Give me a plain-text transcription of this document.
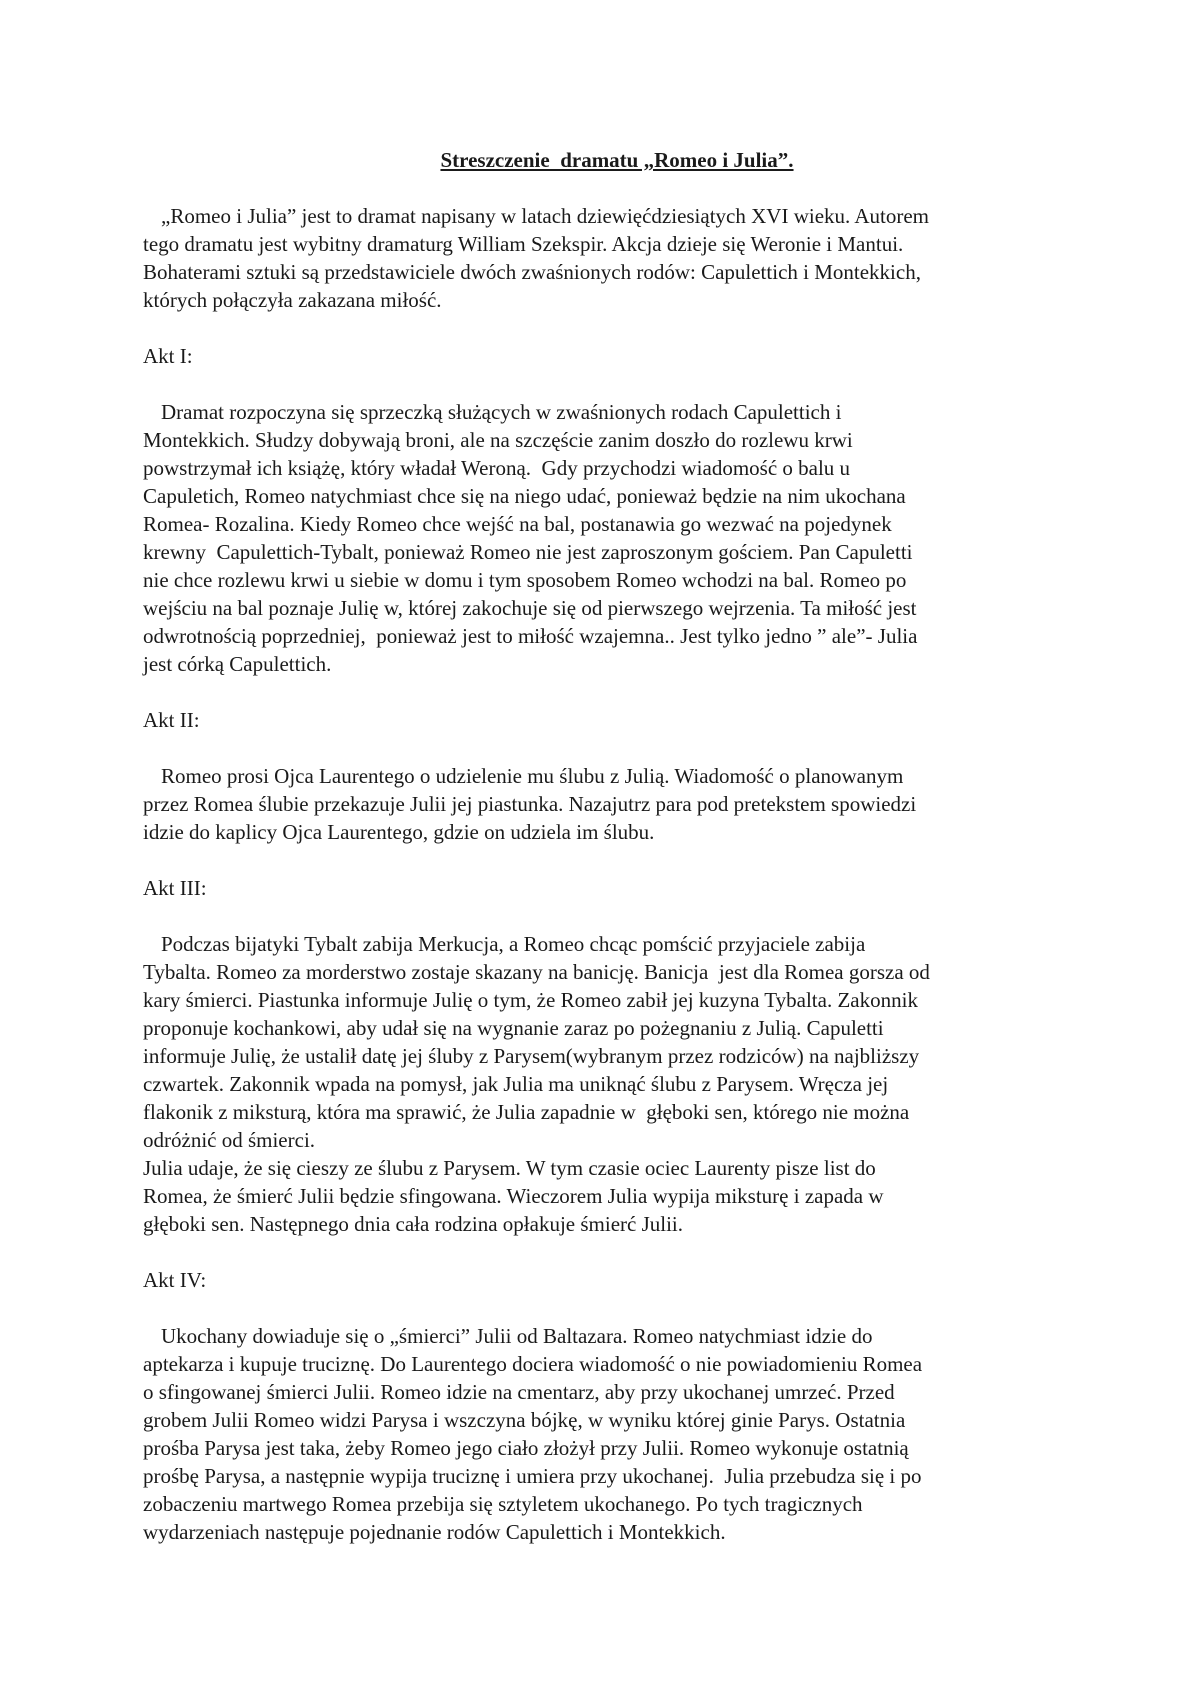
Streszczenie  dramatu „Romeo i Julia”.
„Romeo i Julia” jest to dramat napisany w latach dziewięćdziesiątych XVI wieku. Autorem
tego dramatu jest wybitny dramaturg William Szekspir. Akcja dzieje się Weronie i Mantui.
Bohaterami sztuki są przedstawiciele dwóch zwaśnionych rodów: Capulettich i Montekkich,
których połączyła zakazana miłość.
Akt I:
Dramat rozpoczyna się sprzeczką służących w zwaśnionych rodach Capulettich i
Montekkich. Słudzy dobywają broni, ale na szczęście zanim doszło do rozlewu krwi
powstrzymał ich książę, który władał Weroną.  Gdy przychodzi wiadomość o balu u
Capuletich, Romeo natychmiast chce się na niego udać, ponieważ będzie na nim ukochana
Romea- Rozalina. Kiedy Romeo chce wejść na bal, postanawia go wezwać na pojedynek
krewny  Capulettich-Tybalt, ponieważ Romeo nie jest zaproszonym gościem. Pan Capuletti
nie chce rozlewu krwi u siebie w domu i tym sposobem Romeo wchodzi na bal. Romeo po
wejściu na bal poznaje Julię w, której zakochuje się od pierwszego wejrzenia. Ta miłość jest
odwrotnością poprzedniej,  ponieważ jest to miłość wzajemna.. Jest tylko jedno ” ale”- Julia
jest córką Capulettich.
Akt II:
Romeo prosi Ojca Laurentego o udzielenie mu ślubu z Julią. Wiadomość o planowanym
przez Romea ślubie przekazuje Julii jej piastunka. Nazajutrz para pod pretekstem spowiedzi
idzie do kaplicy Ojca Laurentego, gdzie on udziela im ślubu.
Akt III:
Podczas bijatyki Tybalt zabija Merkucja, a Romeo chcąc pomścić przyjaciele zabija
Tybalta. Romeo za morderstwo zostaje skazany na banicję. Banicja  jest dla Romea gorsza od
kary śmierci. Piastunka informuje Julię o tym, że Romeo zabił jej kuzyna Tybalta. Zakonnik
proponuje kochankowi, aby udał się na wygnanie zaraz po pożegnaniu z Julią. Capuletti
informuje Julię, że ustalił datę jej śluby z Parysem(wybranym przez rodziców) na najbliższy
czwartek. Zakonnik wpada na pomysł, jak Julia ma uniknąć ślubu z Parysem. Wręcza jej
flakonik z miksturą, która ma sprawić, że Julia zapadnie w  głęboki sen, którego nie można
odróżnić od śmierci.
Julia udaje, że się cieszy ze ślubu z Parysem. W tym czasie ociec Laurenty pisze list do
Romea, że śmierć Julii będzie sfingowana. Wieczorem Julia wypija miksturę i zapada w
głęboki sen. Następnego dnia cała rodzina opłakuje śmierć Julii.
Akt IV:
Ukochany dowiaduje się o „śmierci” Julii od Baltazara. Romeo natychmiast idzie do
aptekarza i kupuje truciznę. Do Laurentego dociera wiadomość o nie powiadomieniu Romea
o sfingowanej śmierci Julii. Romeo idzie na cmentarz, aby przy ukochanej umrzeć. Przed
grobem Julii Romeo widzi Parysa i wszczyna bójkę, w wyniku której ginie Parys. Ostatnia
prośba Parysa jest taka, żeby Romeo jego ciało złożył przy Julii. Romeo wykonuje ostatnią
prośbę Parysa, a następnie wypija truciznę i umiera przy ukochanej.  Julia przebudza się i po
zobaczeniu martwego Romea przebija się sztyletem ukochanego. Po tych tragicznych
wydarzeniach następuje pojednanie rodów Capulettich i Montekkich.
